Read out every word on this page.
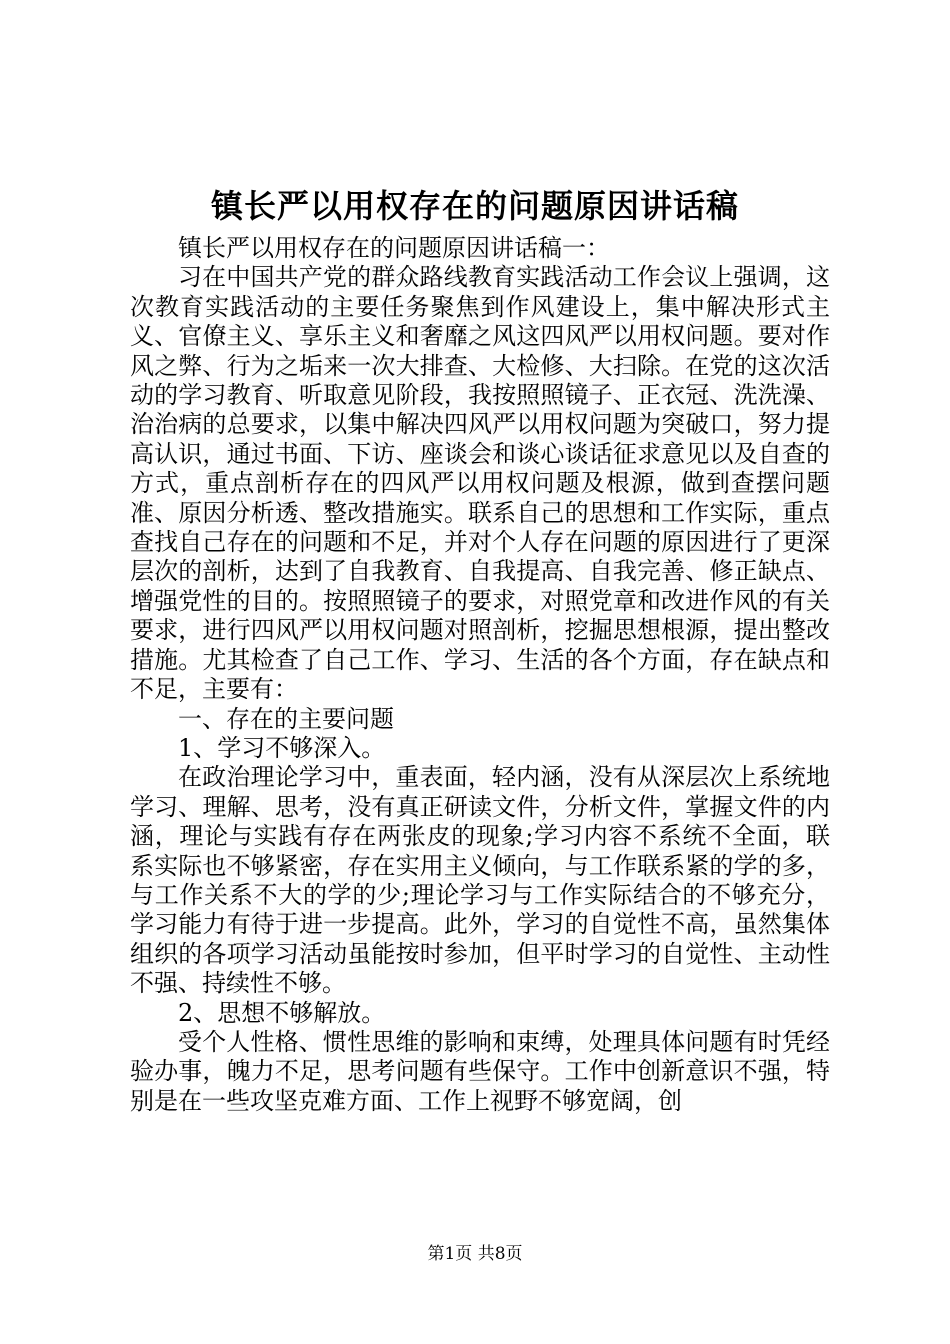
镇长严以用权存在的问题原因讲话稿

镇长严以用权存在的问题原因讲话稿一：

习在中国共产党的群众路线教育实践活动工作会议上强调，这次教育实践活动的主要任务聚焦到作风建设上，集中解决形式主义、官僚主义、享乐主义和奢靡之风这四风严以用权问题。要对作风之弊、行为之垢来一次大排查、大检修、大扫除。在党的这次活动的学习教育、听取意见阶段，我按照照镜子、正衣冠、洗洗澡、治治病的总要求，以集中解决四风严以用权问题为突破口，努力提高认识，通过书面、下访、座谈会和谈心谈话征求意见以及自查的方式，重点剖析存在的四风严以用权问题及根源，做到查摆问题准、原因分析透、整改措施实。联系自己的思想和工作实际，重点查找自己存在的问题和不足，并对个人存在问题的原因进行了更深层次的剖析，达到了自我教育、自我提高、自我完善、修正缺点、增强党性的目的。按照照镜子的要求，对照党章和改进作风的有关要求，进行四风严以用权问题对照剖析，挖掘思想根源，提出整改措施。尤其检查了自己工作、学习、生活的各个方面，存在缺点和不足，主要有：

一、存在的主要问题

1、学习不够深入。

在政治理论学习中，重表面，轻内涵，没有从深层次上系统地学习、理解、思考，没有真正研读文件，分析文件，掌握文件的内涵，理论与实践有存在两张皮的现象;学习内容不系统不全面，联系实际也不够紧密，存在实用主义倾向，与工作联系紧的学的多，与工作关系不大的学的少;理论学习与工作实际结合的不够充分，学习能力有待于进一步提高。此外，学习的自觉性不高，虽然集体组织的各项学习活动虽能按时参加，但平时学习的自觉性、主动性不强、持续性不够。

2、思想不够解放。

受个人性格、惯性思维的影响和束缚，处理具体问题有时凭经验办事，魄力不足，思考问题有些保守。工作中创新意识不强，特别是在一些攻坚克难方面、工作上视野不够宽阔，创

第1页 共8页
